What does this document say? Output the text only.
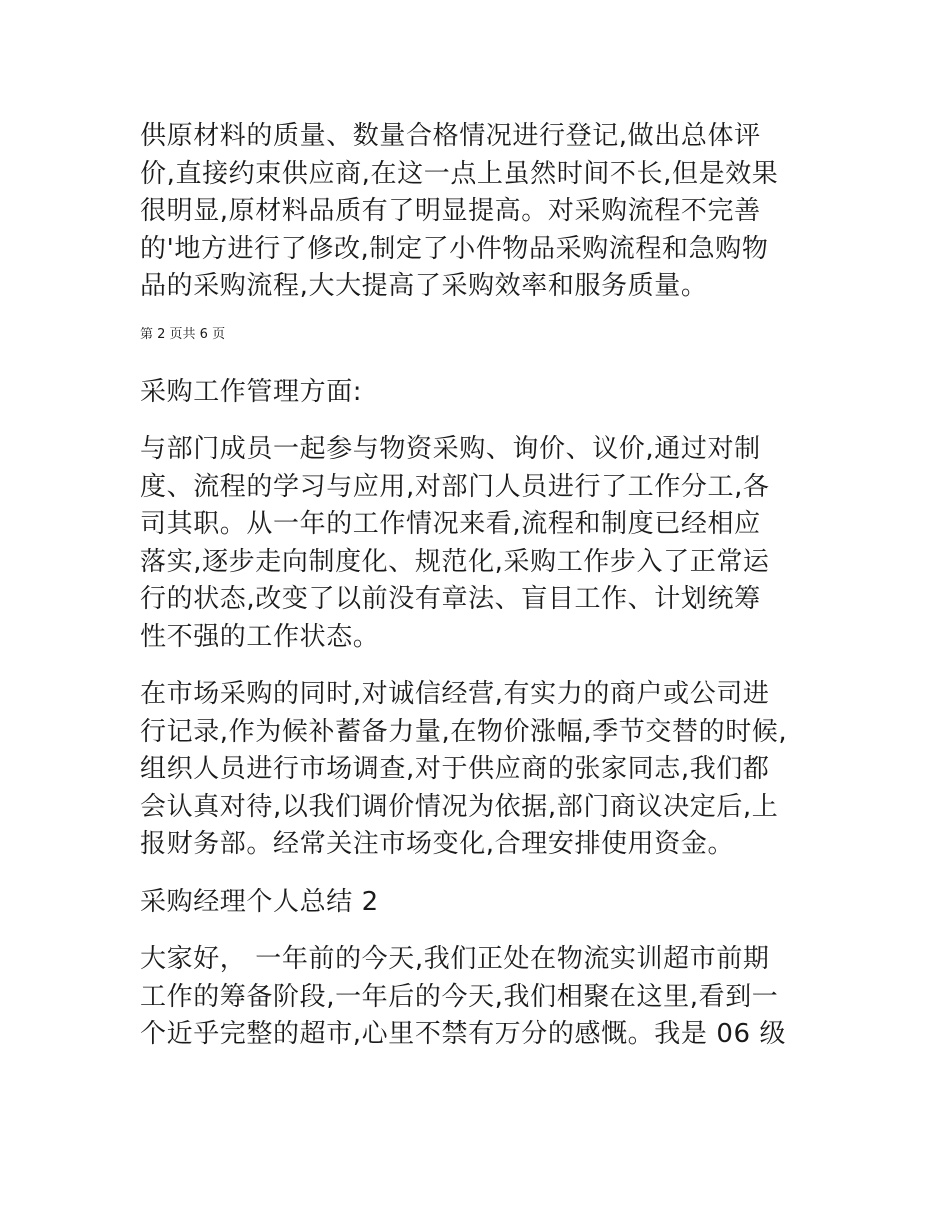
供原材料的质量、数量合格情况进行登记,做出总体评

价,直接约束供应商,在这一点上虽然时间不长,但是效果

很明显,原材料品质有了明显提高。对采购流程不完善

的'地方进行了修改,制定了小件物品采购流程和急购物

品的采购流程,大大提高了采购效率和服务质量。

第 2 页共 6 页
采购工作管理方面:

与部门成员一起参与物资采购、询价、议价,通过对制

度、流程的学习与应用,对部门人员进行了工作分工,各

司其职。从一年的工作情况来看,流程和制度已经相应

落实,逐步走向制度化、规范化,采购工作步入了正常运

行的状态,改变了以前没有章法、盲目工作、计划统筹

性不强的工作状态。

在市场采购的同时,对诚信经营,有实力的商户或公司进

行记录,作为候补蓄备力量,在物价涨幅,季节交替的时候,

组织人员进行市场调查,对于供应商的张家同志,我们都

会认真对待,以我们调价情况为依据,部门商议决定后,上

报财务部。经常关注市场变化,合理安排使用资金。

采购经理个人总结 2

大家好， 一年前的今天,我们正处在物流实训超市前期

工作的筹备阶段,一年后的今天,我们相聚在这里,看到一

个近乎完整的超市,心里不禁有万分的感慨。我是 06 级
